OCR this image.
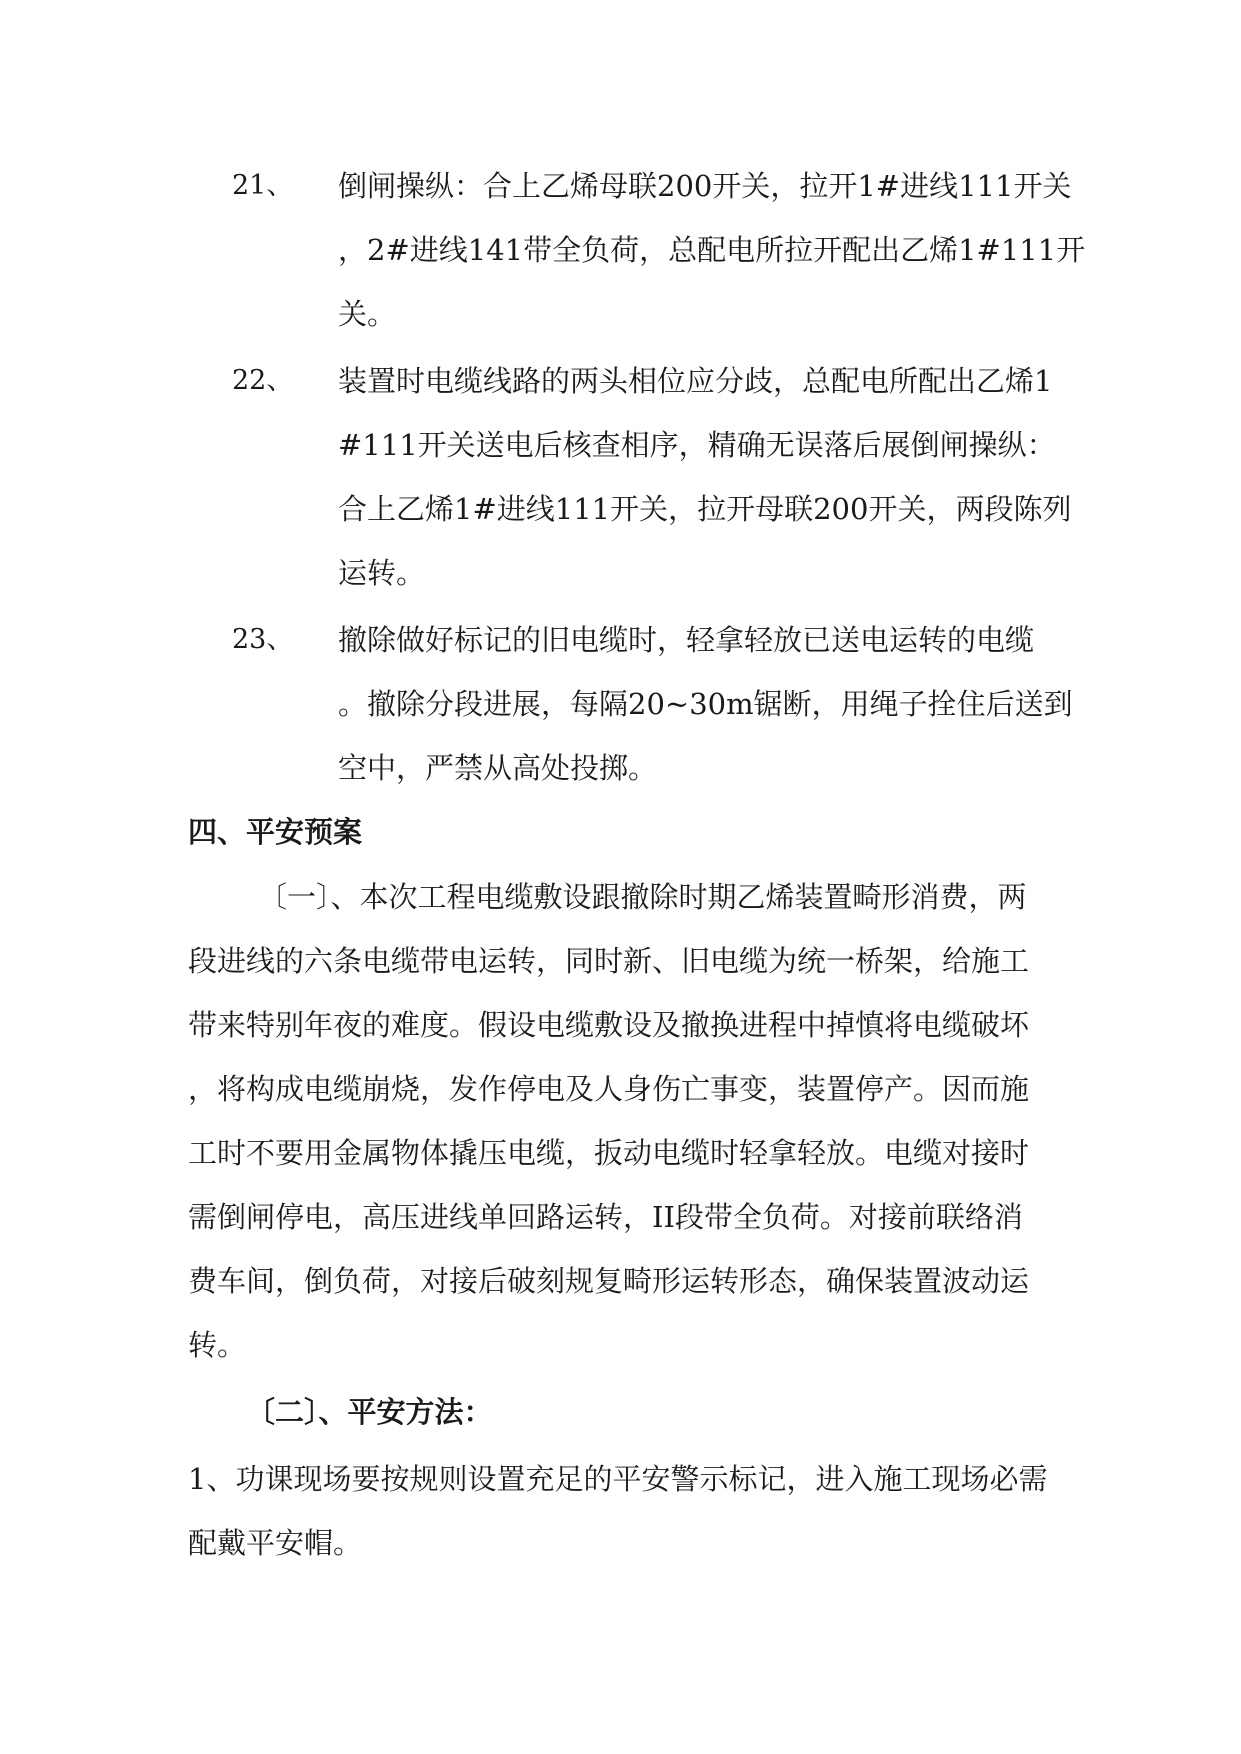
21、 倒闸操纵：合上乙烯母联200开关，拉开1#进线111开关
，2#进线141带全负荷，总配电所拉开配出乙烯1#111开
关。
22、 装置时电缆线路的两头相位应分歧，总配电所配出乙烯1
#111开关送电后核查相序，精确无误落后展倒闸操纵：
合上乙烯1#进线111开关，拉开母联200开关，两段陈列
运转。
23、 撤除做好标记的旧电缆时，轻拿轻放已送电运转的电缆
。撤除分段进展，每隔20~30m锯断，用绳子拴住后送到
空中，严禁从高处投掷。
四、平安预案
〔一〕、本次工程电缆敷设跟撤除时期乙烯装置畸形消费，两
段进线的六条电缆带电运转，同时新、旧电缆为统一桥架，给施工
带来特别年夜的难度。假设电缆敷设及撤换进程中掉慎将电缆破坏
，将构成电缆崩烧，发作停电及人身伤亡事变，装置停产。因而施
工时不要用金属物体撬压电缆，扳动电缆时轻拿轻放。电缆对接时
需倒闸停电，高压进线单回路运转，II段带全负荷。对接前联络消
费车间，倒负荷，对接后破刻规复畸形运转形态，确保装置波动运
转。
〔二〕、平安方法：
1、功课现场要按规则设置充足的平安警示标记，进入施工现场必需
配戴平安帽。
